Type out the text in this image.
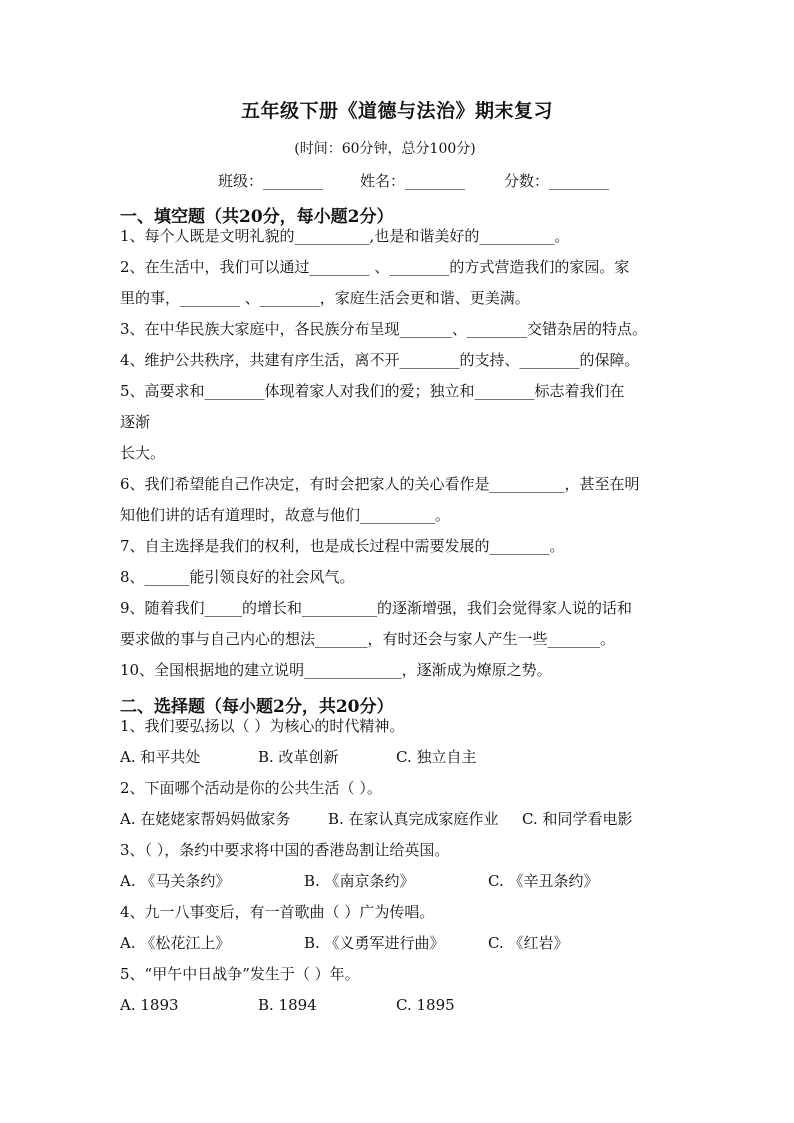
五年级下册《道德与法治》期末复习
(时间：60分钟，总分100分)
班级：________ 姓名：________	分数：________
一、填空题（共20分，每小题2分）
1、每个人既是文明礼貌的__________,也是和谐美好的__________。
2、在生活中，我们可以通过________ 、________的方式营造我们的家园。家
里的事，________ 、________，家庭生活会更和谐、更美满。
3、在中华民族大家庭中，各民族分布呈现_______、________交错杂居的特点。
4、维护公共秩序，共建有序生活，离不开________的支持、________的保障。
5、高要求和________体现着家人对我们的爱；独立和________标志着我们在
逐渐
长大。
6、我们希望能自己作决定，有时会把家人的关心看作是__________，甚至在明
知他们讲的话有道理时，故意与他们__________。
7、自主选择是我们的权利，也是成长过程中需要发展的________。
8、______能引领良好的社会风气。
9、随着我们_____的增长和__________的逐渐增强，我们会觉得家人说的话和
要求做的事与自己内心的想法_______，有时还会与家人产生一些_______。
10、全国根据地的建立说明_____________，逐渐成为燎原之势。
二、选择题（每小题2分，共20分）
1、我们要弘扬以（ ）为核心的时代精神。
A. 和平共处	B. 改革创新	C. 独立自主
2、下面哪个活动是你的公共生活（ ）。
A. 在姥姥家帮妈妈做家务	B. 在家认真完成家庭作业 C. 和同学看电影
3、（ ），条约中要求将中国的香港岛割让给英国。
A. 《马关条约》	B. 《南京条约》	C. 《辛丑条约》
4、九一八事变后，有一首歌曲（ ）广为传唱。
A. 《松花江上》	B. 《义勇军进行曲》	C. 《红岩》
5、“甲午中日战争”发生于（ ）年。
A. 1893	B. 1894	C. 1895
